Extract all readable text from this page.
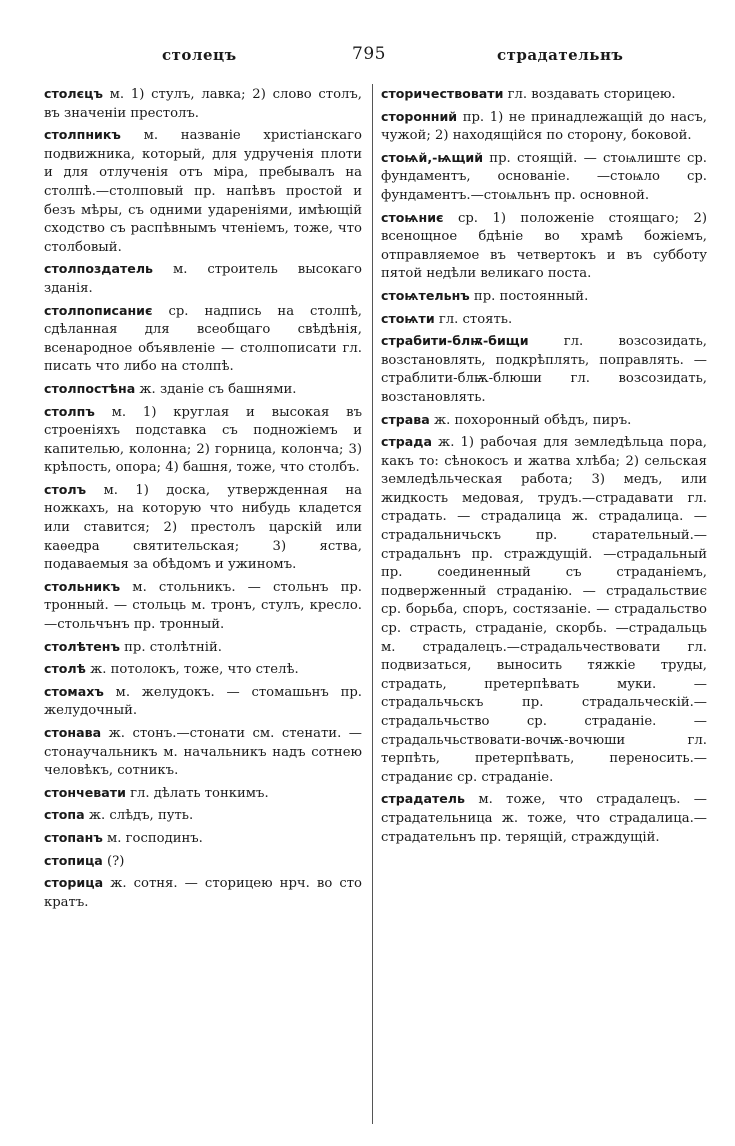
столецъ	795	страдательнъ
столєцъ м. 1) стулъ, лавка; 2) слово столъ, въ значеніи престолъ.
столпникъ м. названіе христіанскаго подвижника, который, для удрученія плоти и для отлученія отъ міра, пребывалъ на столпѣ.—столповый пр. напѣвъ простой и безъ мѣры, съ одними удареніями, имѣющій сходство съ распѣвнымъ чтеніемъ, тоже, что столбовый.
столпоздатель м. строитель высокаго зданія.
столпописаниє ср. надпись на столпѣ, сдѣланная для всеобщаго свѣдѣнія, всенародное объявленіе — столпописати гл. писать что либо на столпѣ.
столпостѣна ж. зданіе съ башнями.
столпъ м. 1) круглая и высокая въ строеніяхъ подставка съ подножіемъ и капителью, колонна; 2) горница, колонча; 3) крѣпость, опора; 4) башня, тоже, что столбъ.
столъ м. 1) доска, утвержденная на ножкахъ, на которую что нибудь кладется или ставится; 2) престолъ царскій или каѳедра святительская; 3) яства, подаваемыя за обѣдомъ и ужиномъ.
стольникъ м. стольникъ. — стольнъ пр. тронный. — стольць м. тронъ, стулъ, кресло.—стольчънъ пр. тронный.
столѣтенъ пр. столѣтній.
столѣ ж. потолокъ, тоже, что стелѣ.
стомахъ м. желудокъ. — стомашьнъ пр. желудочный.
стонава ж. стонъ.—стонати см. стенати. — стонаучальникъ м. начальникъ надъ сотнею человѣкъ, сотникъ.
стончевати гл. дѣлать тонкимъ.
стопа ж. слѣдъ, путь.
стопанъ м. господинъ.
стопица (?)
сторица ж. сотня. — сторицею нрч. во сто кратъ.
сторичествовати гл. воздавать сторицею.
сторонний пр. 1) не принадлежащій до насъ, чужой; 2) находящійся по сторону, боковой.
стоѩй,-ѩщий пр. стоящій. — стоѩлиштє ср. фундаментъ, основаніе. —стоѩло ср. фундаментъ.—стоѩльнъ пр. основной.
стоѩниє ср. 1) положеніе стоящаго; 2) всенощное бдѣніе во храмѣ божіемъ, отправляемое въ четвертокъ и въ субботу пятой недѣли великаго поста.
стоѩтельнъ пр. постоянный.
стоѩти гл. стоять.
страбити-блѭ-бищи гл. возсозидать, возстановлять, подкрѣплять, поправлять. — страблити-блѭ-блюши гл. возсозидать, возстановлять.
страва ж. похоронный обѣдъ, пиръ.
страда ж. 1) рабочая для земледѣльца пора, какъ то: сѣнокосъ и жатва хлѣба; 2) сельская земледѣльческая работа; 3) медъ, или жидкость медовая, трудъ.—страдавати гл. страдать. — страдалица ж. страдалица. —страдальничьскъ пр. старательный.—страдальнъ пр. страждущій. —страдальный пр. соединенный съ страданіемъ, подверженный страданію. — страдальствиє ср. борьба, споръ, состязаніе. — страдальство ср. страсть, страданіе, скорбь. —страдальць м. страдалецъ.—страдальчествовати гл. подвизаться, выносить тяжкіе труды, страдать, претерпѣвать муки. — страдальчьскъ пр. страдальческій.—страдальчьство ср. страданіе. — страдальчьствовати-вочѭ-вочюши гл. терпѣть, претерпѣвать, переносить.—страданиє ср. страданіе.
страдатель м. тоже, что страдалецъ. —страдательница ж. тоже, что страдалица.—страдательнъ пр. терящій, страждущій.
